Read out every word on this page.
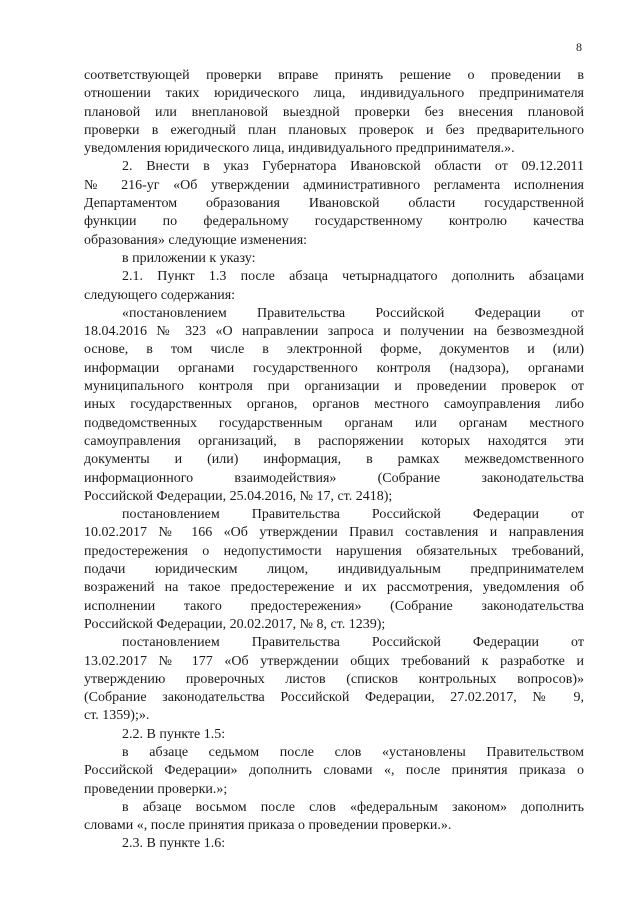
8
соответствующей проверки вправе принять решение о проведении в
отношении таких юридического лица, индивидуального предпринимателя
плановой или внеплановой выездной проверки без внесения плановой
проверки в ежегодный план плановых проверок и без предварительного
уведомления юридического лица, индивидуального предпринимателя.».
2. Внести в указ Губернатора Ивановской области от 09.12.2011
№ 216-уг «Об утверждении административного регламента исполнения
Департаментом образования Ивановской области государственной
функции по федеральному государственному контролю качества
образования» следующие изменения:
в приложении к указу:
2.1. Пункт 1.3 после абзаца четырнадцатого дополнить абзацами
следующего содержания:
«постановлением Правительства Российской Федерации от
18.04.2016 № 323 «О направлении запроса и получении на безвозмездной
основе, в том числе в электронной форме, документов и (или)
информации органами государственного контроля (надзора), органами
муниципального контроля при организации и проведении проверок от
иных государственных органов, органов местного самоуправления либо
подведомственных государственным органам или органам местного
самоуправления организаций, в распоряжении которых находятся эти
документы и (или) информация, в рамках межведомственного
информационного взаимодействия» (Собрание законодательства
Российской Федерации, 25.04.2016, № 17, ст. 2418);
постановлением Правительства Российской Федерации от
10.02.2017 № 166 «Об утверждении Правил составления и направления
предостережения о недопустимости нарушения обязательных требований,
подачи юридическим лицом, индивидуальным предпринимателем
возражений на такое предостережение и их рассмотрения, уведомления об
исполнении такого предостережения» (Собрание законодательства
Российской Федерации, 20.02.2017, № 8, ст. 1239);
постановлением Правительства Российской Федерации от
13.02.2017 № 177 «Об утверждении общих требований к разработке и
утверждению проверочных листов (списков контрольных вопросов)»
(Собрание законодательства Российской Федерации, 27.02.2017, № 9,
ст. 1359);».
2.2. В пункте 1.5:
в абзаце седьмом после слов «установлены Правительством
Российской Федерации» дополнить словами «, после принятия приказа о
проведении проверки.»;
в абзаце восьмом после слов «федеральным законом» дополнить
словами «, после принятия приказа о проведении проверки.».
2.3. В пункте 1.6:
